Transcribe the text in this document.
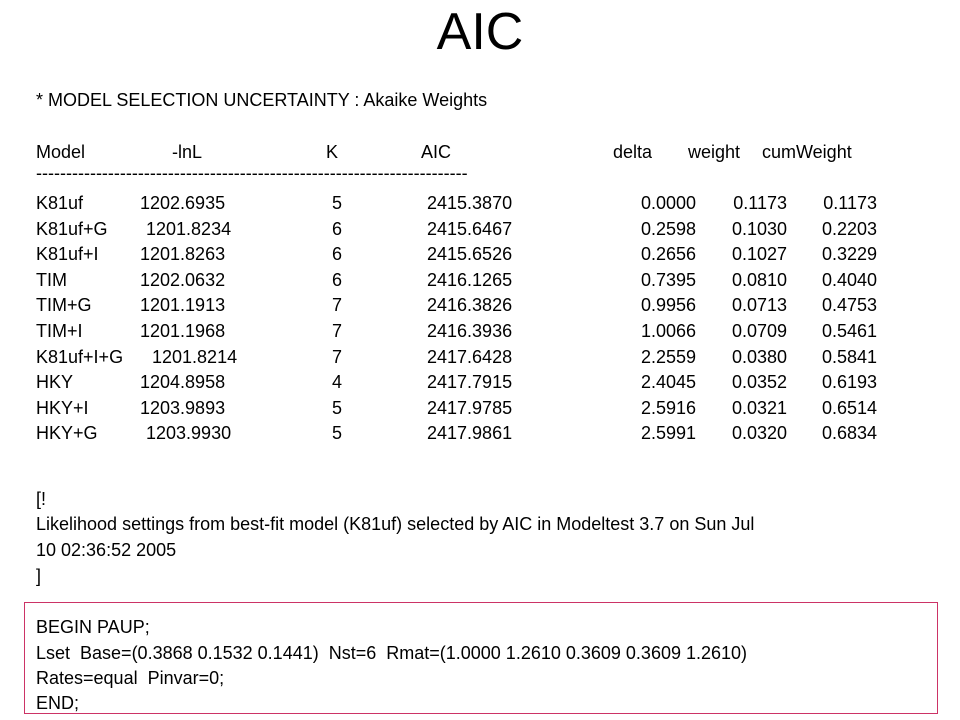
AIC
* MODEL SELECTION UNCERTAINTY : Akaike Weights
Model	-lnL	K	AIC	delta weight cumWeight
------------------------------------------------------------------------
K81uf	1202.6935	5	2415.3870	0.0000	0.1173	0.1173
K81uf+G 1201.8234	6	2415.6467	0.2598	0.1030	0.2203
K81uf+I 1201.8263	6	2415.6526	0.2656	0.1027	0.3229
TIM	1202.0632	6	2416.1265	0.7395	0.0810	0.4040
TIM+G	1201.1913	7	2416.3826	0.9956	0.0713	0.4753
TIM+I	1201.1968	7	2416.3936	1.0066	0.0709	0.5461
K81uf+I+G 1201.8214	7	2417.6428	2.2559	0.0380	0.5841
HKY	1204.8958	4	2417.7915	2.4045	0.0352	0.6193
HKY+I	1203.9893	5	2417.9785	2.5916	0.0321	0.6514
HKY+G	1203.9930	5	2417.9861	2.5991	0.0320	0.6834
[!
Likelihood settings from best-fit model (K81uf) selected by AIC in Modeltest 3.7 on Sun Jul
10 02:36:52 2005
]
BEGIN PAUP;
Lset  Base=(0.3868 0.1532 0.1441)  Nst=6  Rmat=(1.0000 1.2610 0.3609 0.3609 1.2610)
Rates=equal  Pinvar=0;
END;
